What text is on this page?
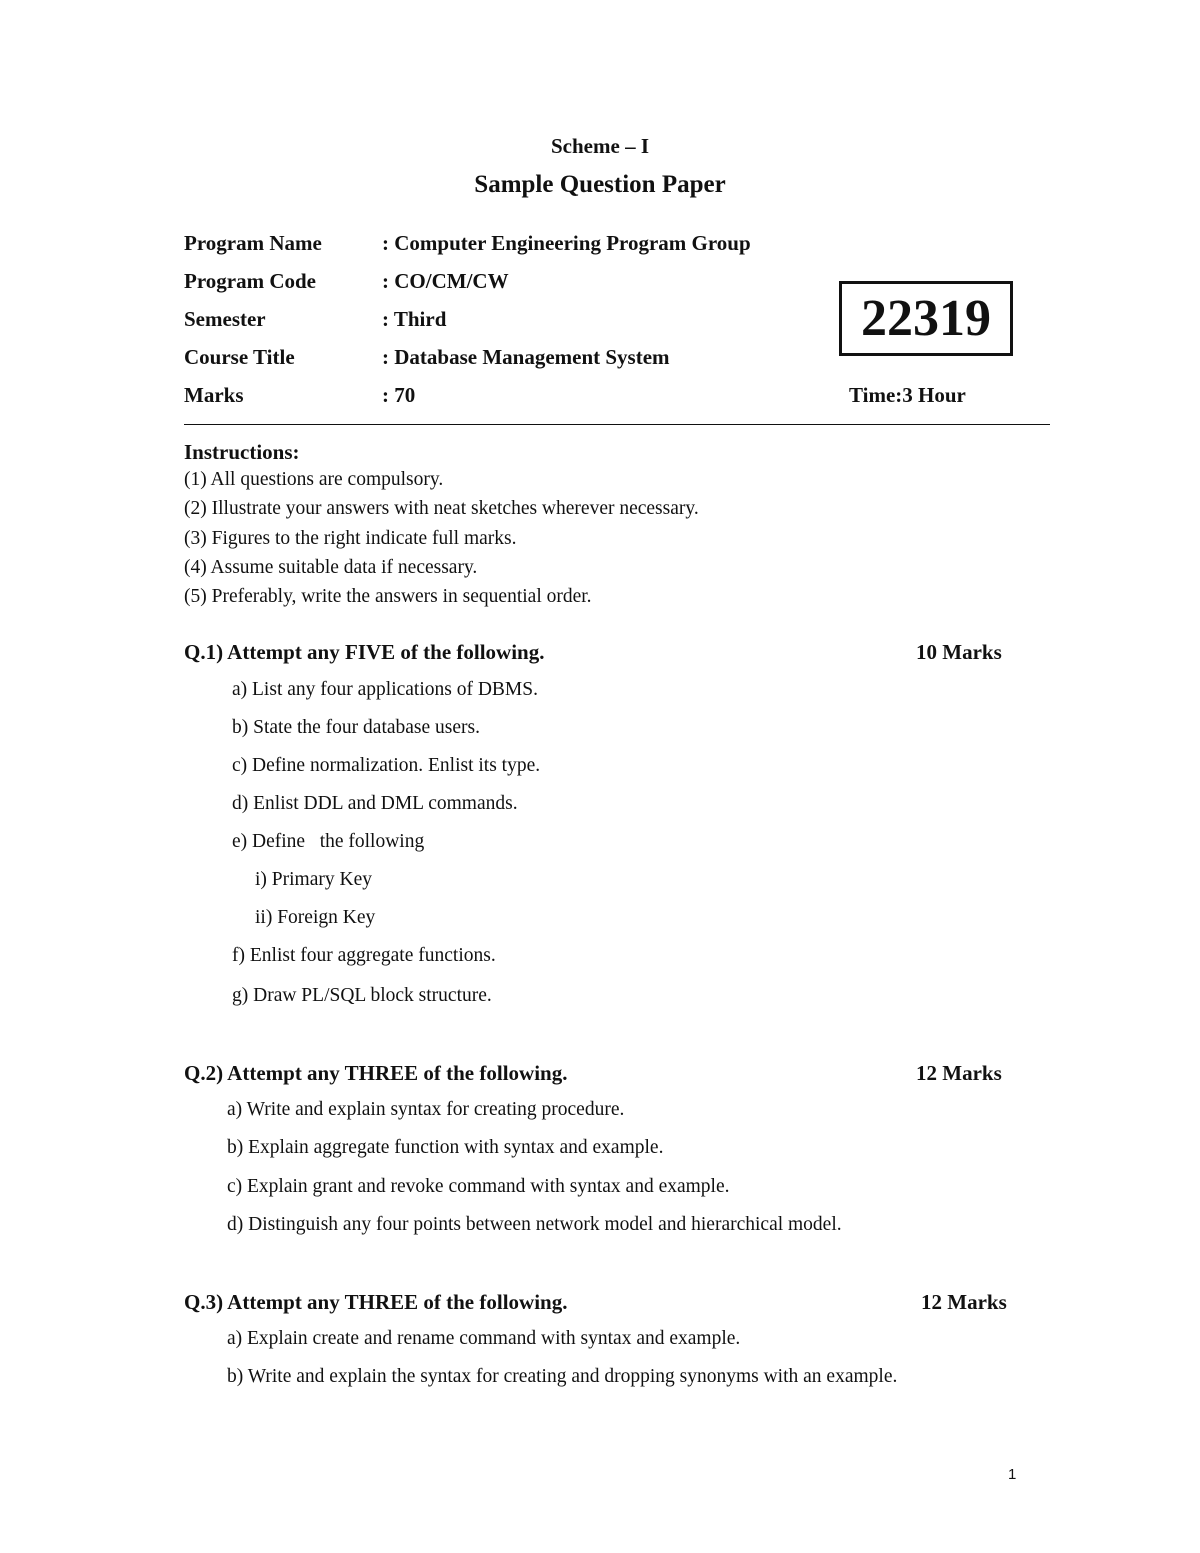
Scheme – I
Sample Question Paper
Program Name	: Computer Engineering Program Group
Program Code	: CO/CM/CW
Semester	: Third
Course Title	: Database Management System
Marks	: 70
22319
Time:3 Hour
Instructions:
(1) All questions are compulsory.
(2) Illustrate your answers with neat sketches wherever necessary.
(3) Figures to the right indicate full marks.
(4) Assume suitable data if necessary.
(5) Preferably, write the answers in sequential order.
Q.1) Attempt any FIVE of the following.	10 Marks
a) List any four applications of DBMS.
b) State the four database users.
c) Define normalization. Enlist its type.
d) Enlist DDL and DML commands.
e) Define   the following
i) Primary Key
ii) Foreign Key
f) Enlist four aggregate functions.
g) Draw PL/SQL block structure.
Q.2) Attempt any THREE of the following.	12 Marks
a) Write and explain syntax for creating procedure.
b) Explain aggregate function with syntax and example.
c) Explain grant and revoke command with syntax and example.
d) Distinguish any four points between network model and hierarchical model.
Q.3) Attempt any THREE of the following.	12 Marks
a) Explain create and rename command with syntax and example.
b) Write and explain the syntax for creating and dropping synonyms with an example.
1
